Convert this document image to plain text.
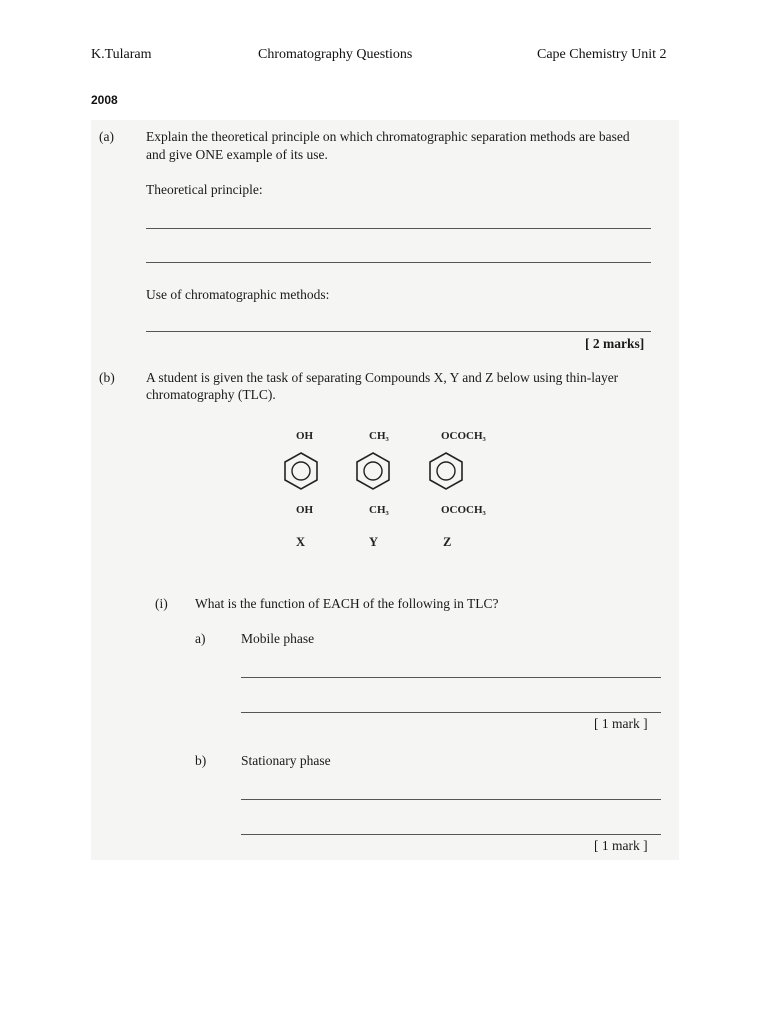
K.Tularam	Chromatography Questions	Cape Chemistry Unit 2
2008
(a) Explain the theoretical principle on which chromatographic separation methods are based
and give ONE example of its use.
Theoretical principle:
Use of chromatographic methods:
[ 2 marks]
(b) A student is given the task of separating Compounds X, Y and Z below using thin-layer
chromatography (TLC).
OH
OH
X
CH₃
CH₃
Y
OCOCH₃
OCOCH₃
Z
(i) What is the function of EACH of the following in TLC?
a)	Mobile phase
[ 1 mark ]
b)	Stationary phase
[ 1 mark ]
